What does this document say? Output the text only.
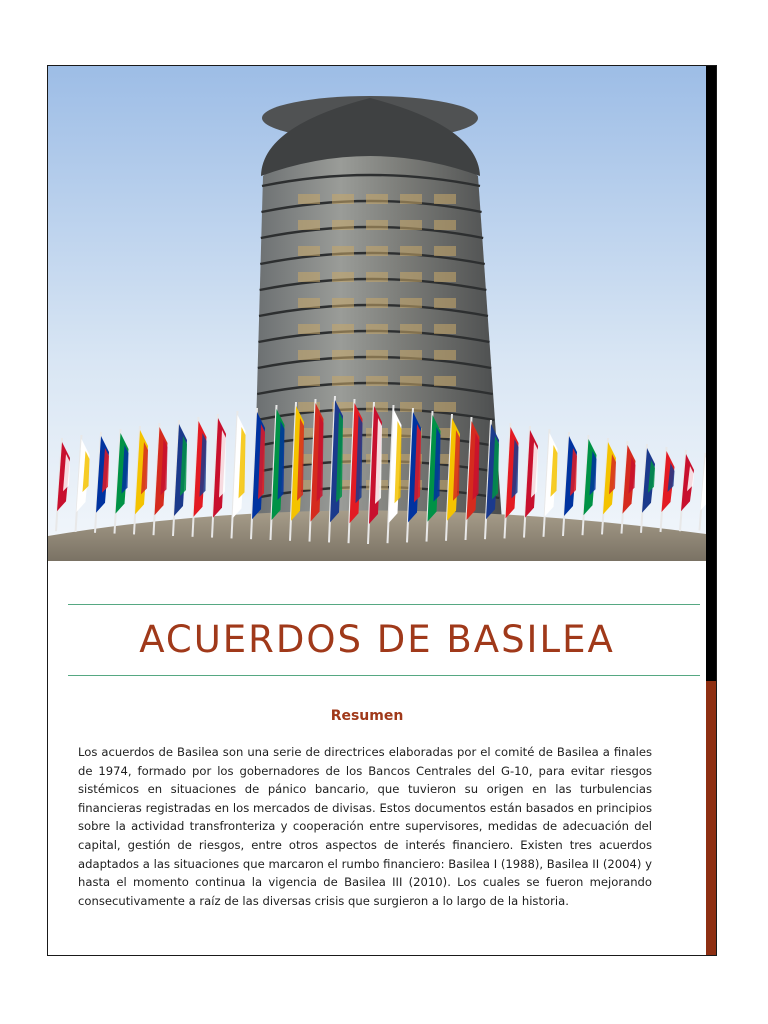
ACUERDOS DE BASILEA
Resumen

Los acuerdos de Basilea son una serie de directrices elaboradas por el comité de Basilea a finales de 1974, formado por los gobernadores de los Bancos Centrales del G-10, para evitar riesgos sistémicos en situaciones de pánico bancario, que tuvieron su origen en las turbulencias financieras registradas en los mercados de divisas. Estos documentos están basados en principios sobre la actividad transfronteriza y cooperación entre supervisores, medidas de adecuación del capital, gestión de riesgos, entre otros aspectos de interés financiero. Existen tres acuerdos adaptados a las situaciones que marcaron el rumbo financiero: Basilea I (1988), Basilea II (2004) y hasta el momento continua la vigencia de Basilea III (2010). Los cuales se fueron mejorando consecutivamente a raíz de las diversas crisis que surgieron a lo largo de la historia.
